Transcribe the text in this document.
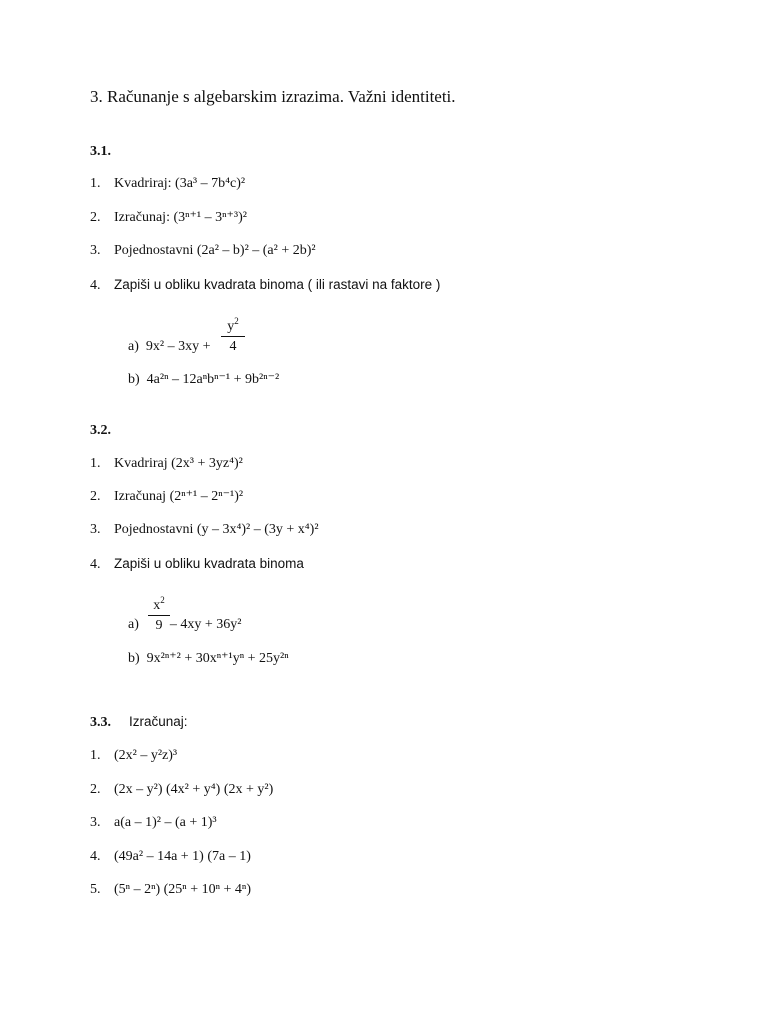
3. Računanje s algebarskim izrazima. Važni identiteti.
3.1.
1. Kvadriraj: (3a³ – 7b⁴c)²
2. Izračunaj: (3ⁿ⁺¹ – 3ⁿ⁺³)²
3. Pojednostavni (2a² – b)² – (a² + 2b)²
4. Zapiši u obliku kvadrata binoma ( ili rastavi na faktore )
$\frac{y^2}{4}$
a) 9x² – 3xy +
b) 4a²ⁿ – 12aⁿbⁿ⁻¹ + 9b²ⁿ⁻²
3.2.
1. Kvadriraj (2x³ + 3yz⁴)²
2. Izračunaj (2ⁿ⁺¹ – 2ⁿ⁻¹)²
3. Pojednostavni (y – 3x⁴)² – (3y + x⁴)²
4. Zapiši u obliku kvadrata binoma
$\frac{x^2}{9}$
a) – 4xy + 36y²
b) 9x²ⁿ⁺² + 30xⁿ⁺¹yⁿ + 25y²ⁿ
3.3. Izračunaj:
1. (2x² – y²z)³
2. (2x – y²) (4x² + y⁴) (2x + y²)
3. a(a – 1)² – (a + 1)³
4. (49a² – 14a + 1) (7a – 1)
5. (5ⁿ – 2ⁿ) (25ⁿ + 10ⁿ + 4ⁿ)
